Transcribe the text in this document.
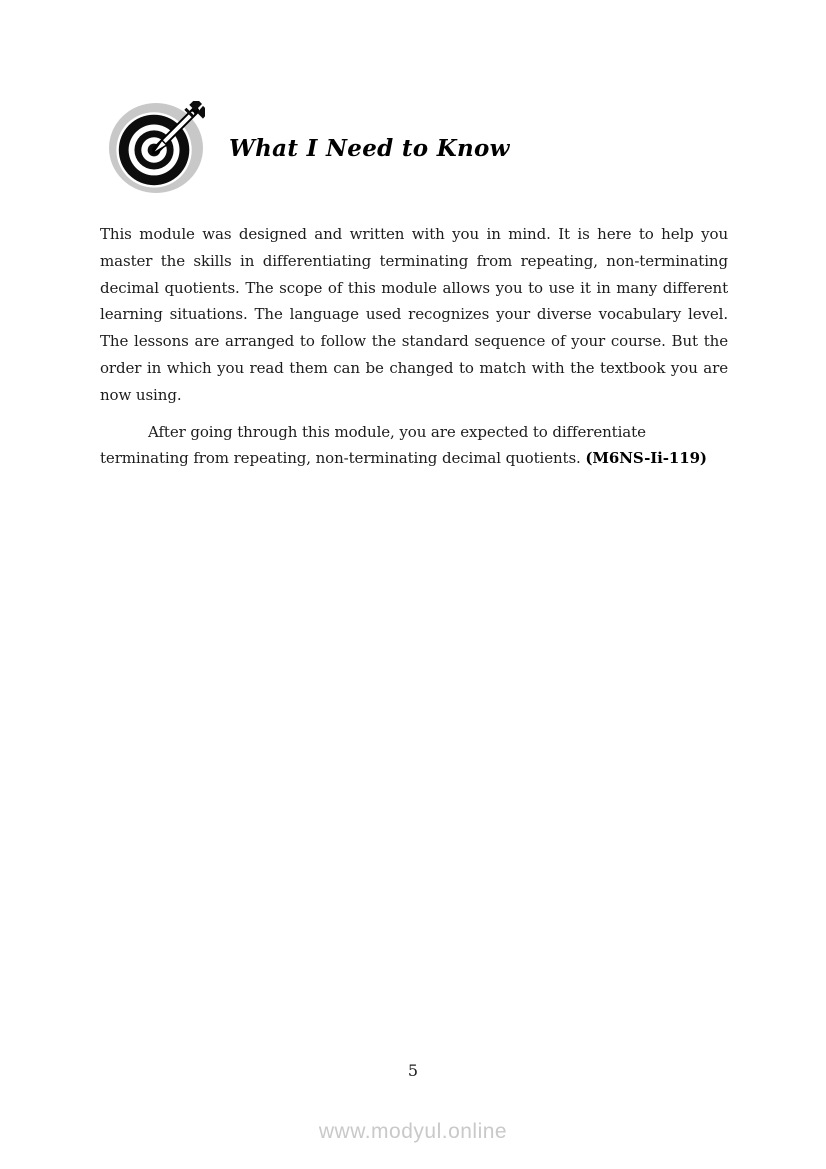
What I Need to Know

This module was designed and written with you in mind. It is here to help you master the skills in differentiating terminating from repeating, non-terminating decimal quotients. The scope of this module allows you to use it in many different learning situations. The language used recognizes your diverse vocabulary level. The lessons are arranged to follow the standard sequence of your course. But the order in which you read them can be changed to match with the textbook you are now using.

After going through this module, you are expected to differentiate terminating from repeating, non-terminating decimal quotients. (M6NS-Ii-119)

5
www.modyul.online
